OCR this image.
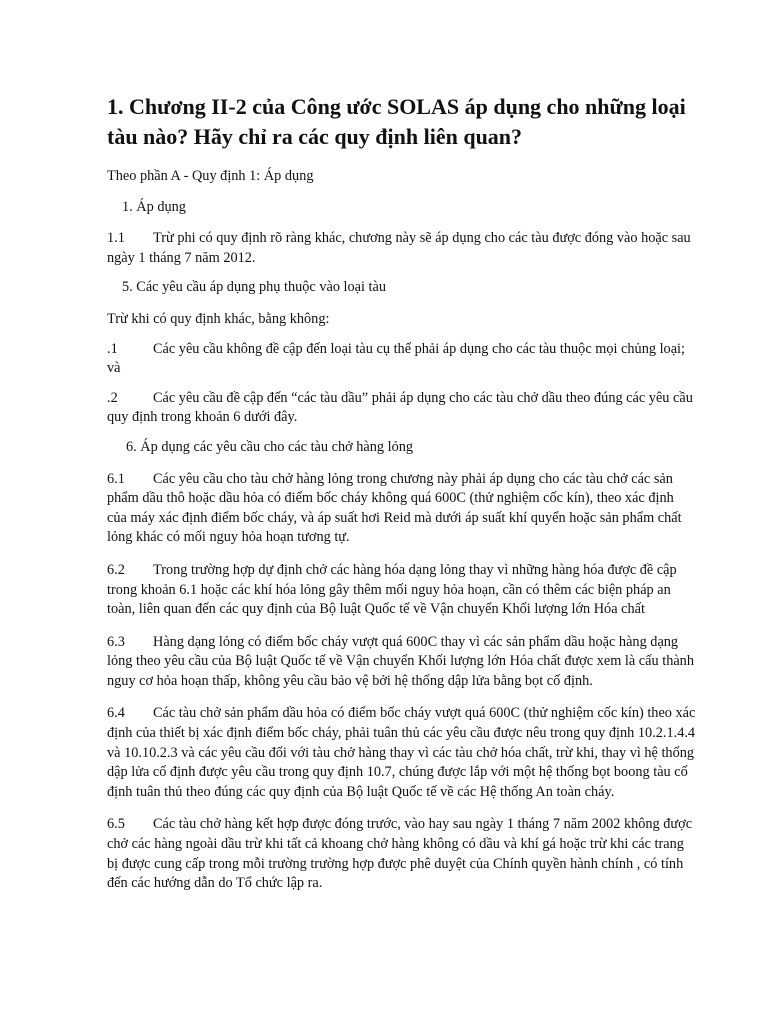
1. Chương II-2 của Công ước SOLAS áp dụng cho những loại tàu nào? Hãy chỉ ra các quy định liên quan?

Theo phần A - Quy định 1: Áp dụng

1. Áp dụng

1.1 Trừ phi có quy định rõ ràng khác, chương này sẽ áp dụng cho các tàu được đóng vào hoặc sau ngày 1 tháng 7 năm 2012.

5. Các yêu cầu áp dụng phụ thuộc vào loại tàu

Trừ khi có quy định khác, bằng không:

.1 Các yêu cầu không đề cập đến loại tàu cụ thể phải áp dụng cho các tàu thuộc mọi chủng loại; và

.2 Các yêu cầu đề cập đến “các tàu dầu” phải áp dụng cho các tàu chở dầu theo đúng các yêu cầu quy định trong khoản 6 dưới đây.

6. Áp dụng các yêu cầu cho các tàu chở hàng lỏng

6.1 Các yêu cầu cho tàu chở hàng lỏng trong chương này phải áp dụng cho các tàu chở các sản phẩm dầu thô hoặc dầu hỏa có điểm bốc cháy không quá 600C (thử nghiệm cốc kín), theo xác định của máy xác định điểm bốc cháy, và áp suất hơi Reid mà dưới áp suất khí quyển hoặc sản phẩm chất lỏng khác có mối nguy hỏa hoạn tương tự.

6.2 Trong trường hợp dự định chở các hàng hóa dạng lỏng thay vì những hàng hóa được đề cập trong khoản 6.1 hoặc các khí hóa lỏng gây thêm mối nguy hỏa hoạn, cần có thêm các biện pháp an toàn, liên quan đến các quy định của Bộ luật Quốc tế về Vận chuyển Khối lượng lớn Hóa chất

6.3 Hàng dạng lỏng có điểm bốc cháy vượt quá 600C thay vì các sản phẩm dầu hoặc hàng dạng lỏng theo yêu cầu của Bộ luật Quốc tế về Vận chuyển Khối lượng lớn Hóa chất được xem là cấu thành nguy cơ hỏa hoạn thấp, không yêu cầu bảo vệ bởi hệ thống dập lửa bằng bọt cố định.

6.4 Các tàu chở sản phẩm dầu hỏa có điểm bốc cháy vượt quá 600C (thử nghiệm cốc kín) theo xác định của thiết bị xác định điểm bốc cháy, phải tuân thủ các yêu cầu được nêu trong quy định 10.2.1.4.4 và 10.10.2.3 và các yêu cầu đối với tàu chở hàng thay vì các tàu chở hóa chất, trừ khi, thay vì hệ thống dập lửa cố định được yêu cầu trong quy định 10.7, chúng được lắp với một hệ thống bọt boong tàu cố định tuân thủ theo đúng các quy định của Bộ luật Quốc tế về các Hệ thống An toàn cháy.

6.5 Các tàu chở hàng kết hợp được đóng trước, vào hay sau ngày 1 tháng 7 năm 2002 không được chở các hàng ngoài dầu trừ khi tất cả khoang chở hàng không có dầu và khí gá hoặc trừ khi các trang bị được cung cấp trong mỗi trường trường hợp được phê duyệt của Chính quyền hành chính , có tính đến các hướng dẫn do Tổ chức lập ra.
